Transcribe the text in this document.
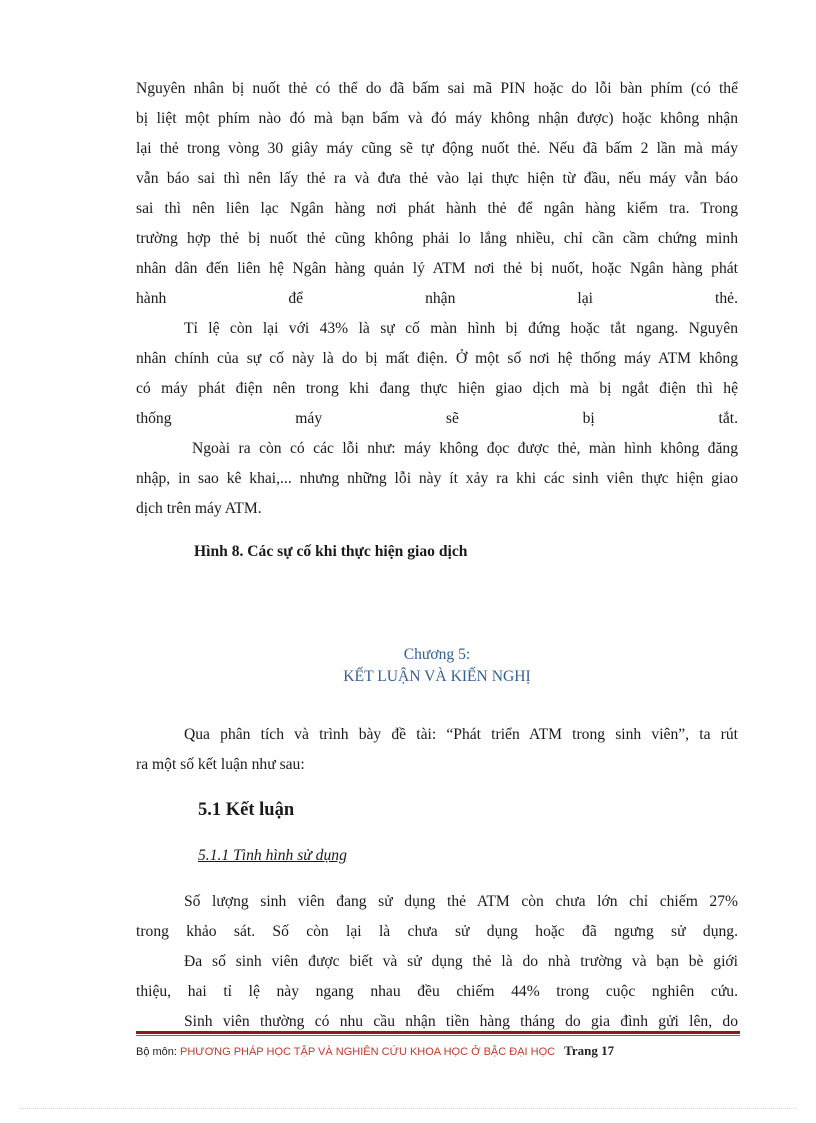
Nguyên nhân bị nuốt thẻ có thể do đã bấm sai mã PIN hoặc do lỗi bàn phím (có thể

bị liệt một phím nào đó mà bạn bấm và đó máy không nhận được) hoặc không nhận

lại thẻ trong vòng 30 giây máy cũng sẽ tự động nuốt thẻ. Nếu đã bấm 2 lần mà máy

vẫn báo sai thì nên lấy thẻ ra và đưa thẻ vào lại thực hiện từ đầu, nếu máy vẫn báo

sai thì nên liên lạc Ngân hàng nơi phát hành thẻ để ngân hàng kiểm tra. Trong

trường hợp thẻ bị nuốt thẻ cũng không phải lo lắng nhiều, chỉ cần cầm chứng minh

nhân dân đến liên hệ Ngân hàng quản lý ATM nơi thẻ bị nuốt, hoặc Ngân hàng phát

hành để nhận lại thẻ.

Tỉ lệ còn lại với 43% là sự cố màn hình bị đứng hoặc tắt ngang. Nguyên

nhân chính của sự cố này là do bị mất điện. Ở một số nơi hệ thống máy ATM không

có máy phát điện nên trong khi đang thực hiện giao dịch mà bị ngắt điện thì hệ

thống máy sẽ bị tắt.

Ngoài ra còn có các lỗi như: máy không đọc được thẻ, màn hình không đăng

nhập, in sao kê khai,... nhưng những lỗi này ít xảy ra khi các sinh viên thực hiện giao

dịch trên máy ATM.

Hình 8. Các sự cố khi thực hiện giao dịch
Chương 5:
KẾT LUẬN VÀ KIẾN NGHỊ

Qua phân tích và trình bày đề tài: “Phát triển ATM trong sinh viên”, ta rút

ra một số kết luận như sau:

5.1 Kết luận
5.1.1 Tình hình sử dụng

Số lượng sinh viên đang sử dụng thẻ ATM còn chưa lớn chỉ chiếm 27%

trong khảo sát. Số còn lại là chưa sử dụng hoặc đã ngưng sử dụng.

Đa số sinh viên được biết và sử dụng thẻ là do nhà trường và bạn bè giới

thiệu, hai tỉ lệ này ngang nhau đều chiếm 44% trong cuộc nghiên cứu.

Sinh viên thường có nhu cầu nhận tiền hàng tháng do gia đình gửi lên, do

Bộ môn: PHƯƠNG PHÁP HỌC TẬP VÀ NGHIÊN CỨU KHOA HỌC Ở BẬC ĐẠI HỌC Trang 17
